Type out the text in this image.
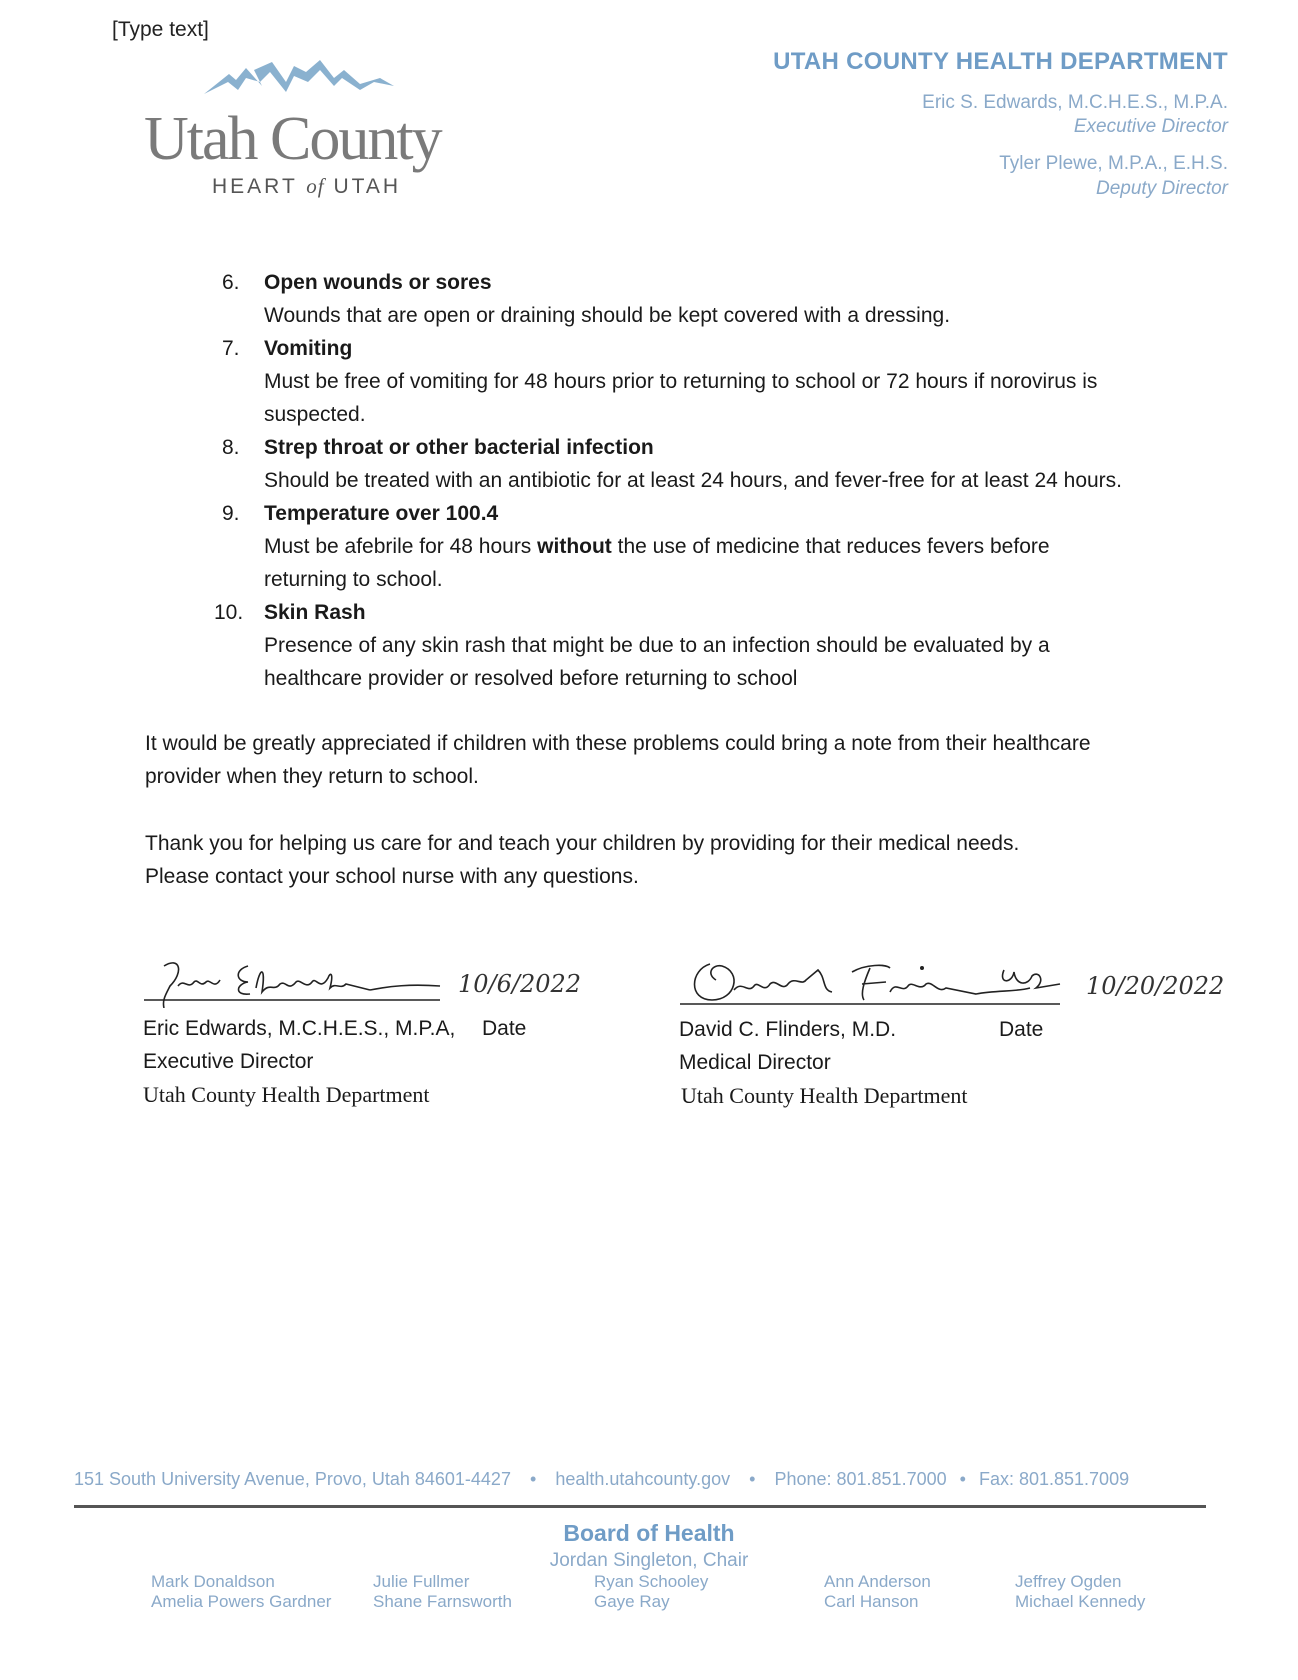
[Type text]
Utah County
HEART of UTAH
UTAH COUNTY HEALTH DEPARTMENT
Eric S. Edwards, M.C.H.E.S., M.P.A.
Executive Director
Tyler Plewe, M.P.A., E.H.S.
Deputy Director
6. Open wounds or sores
Wounds that are open or draining should be kept covered with a dressing.
7. Vomiting
Must be free of vomiting for 48 hours prior to returning to school or 72 hours if norovirus is suspected.
8. Strep throat or other bacterial infection
Should be treated with an antibiotic for at least 24 hours, and fever-free for at least 24 hours.
9. Temperature over 100.4
Must be afebrile for 48 hours without the use of medicine that reduces fevers before returning to school.
10. Skin Rash
Presence of any skin rash that might be due to an infection should be evaluated by a healthcare provider or resolved before returning to school
It would be greatly appreciated if children with these problems could bring a note from their healthcare provider when they return to school.
Thank you for helping us care for and teach your children by providing for their medical needs.
Please contact your school nurse with any questions.
10/6/2022
Eric Edwards, M.C.H.E.S., M.P.A, Date
Executive Director
Utah County Health Department
10/20/2022
David C. Flinders, M.D.	Date
Medical Director
Utah County Health Department
151 South University Avenue, Provo, Utah 84601-4427 • health.utahcounty.gov • Phone: 801.851.7000 • Fax: 801.851.7009
Board of Health
Jordan Singleton, Chair
Mark Donaldson
Amelia Powers Gardner
Julie Fullmer
Shane Farnsworth
Ryan Schooley
Gaye Ray
Ann Anderson
Carl Hanson
Jeffrey Ogden
Michael Kennedy
